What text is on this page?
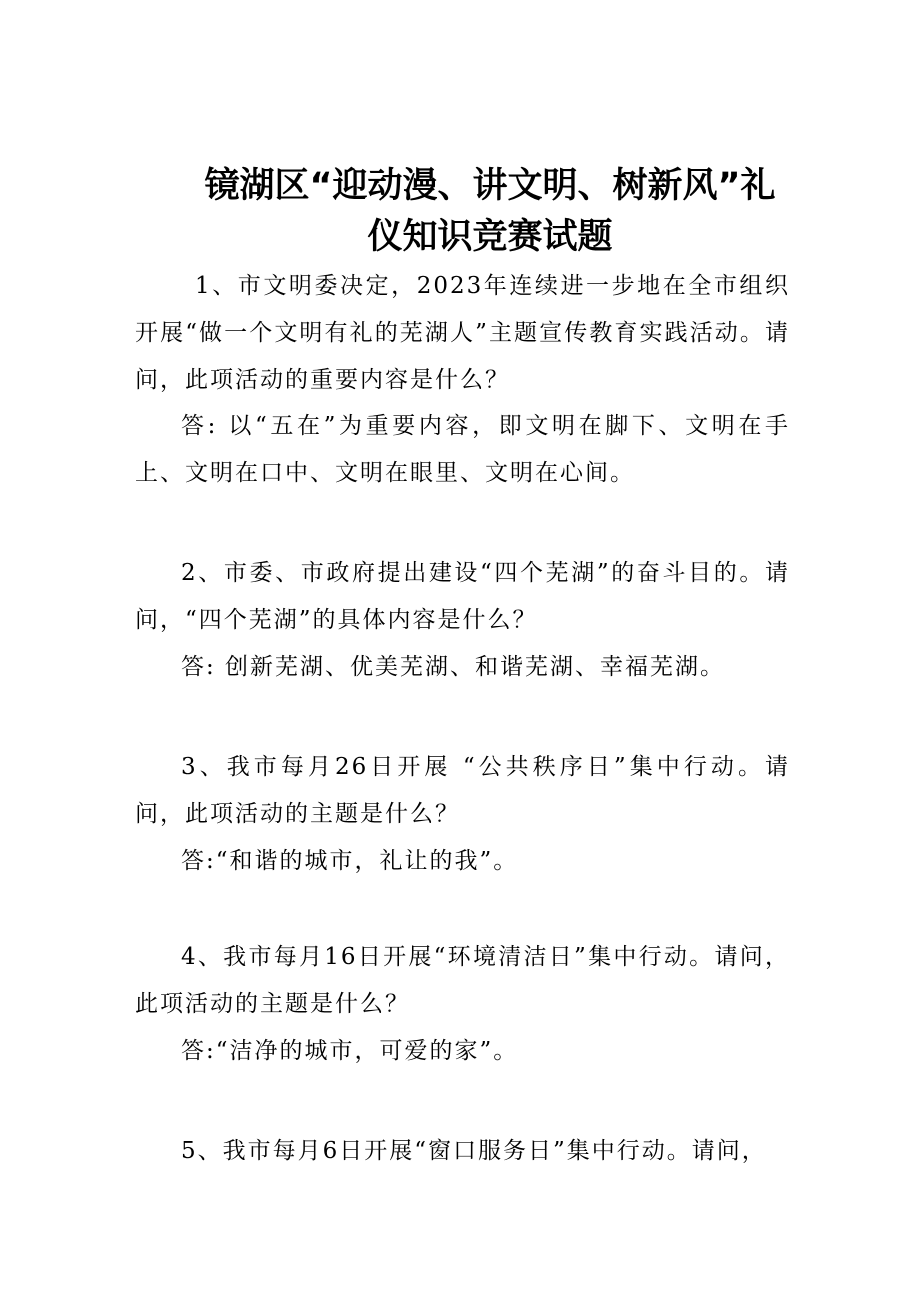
镜湖区“迎动漫、讲文明、树新风”礼
仪知识竞赛试题
1、市文明委决定，2023年连续进一步地在全市组织开展“做一个文明有礼的芜湖人”主题宣传教育实践活动。请问，此项活动的重要内容是什么？
答: 以“五在”为重要内容，即文明在脚下、文明在手上、文明在口中、文明在眼里、文明在心间。
2、市委、市政府提出建设“四个芜湖”的奋斗目的。请问，“四个芜湖”的具体内容是什么？
答: 创新芜湖、优美芜湖、和谐芜湖、幸福芜湖。
3、我市每月26日开展 “公共秩序日”集中行动。请问，此项活动的主题是什么？
答:“和谐的城市，礼让的我”。
4、我市每月16日开展“环境清洁日”集中行动。请问，此项活动的主题是什么？
答:“洁净的城市，可爱的家”。
5、我市每月6日开展“窗口服务日”集中行动。请问，
